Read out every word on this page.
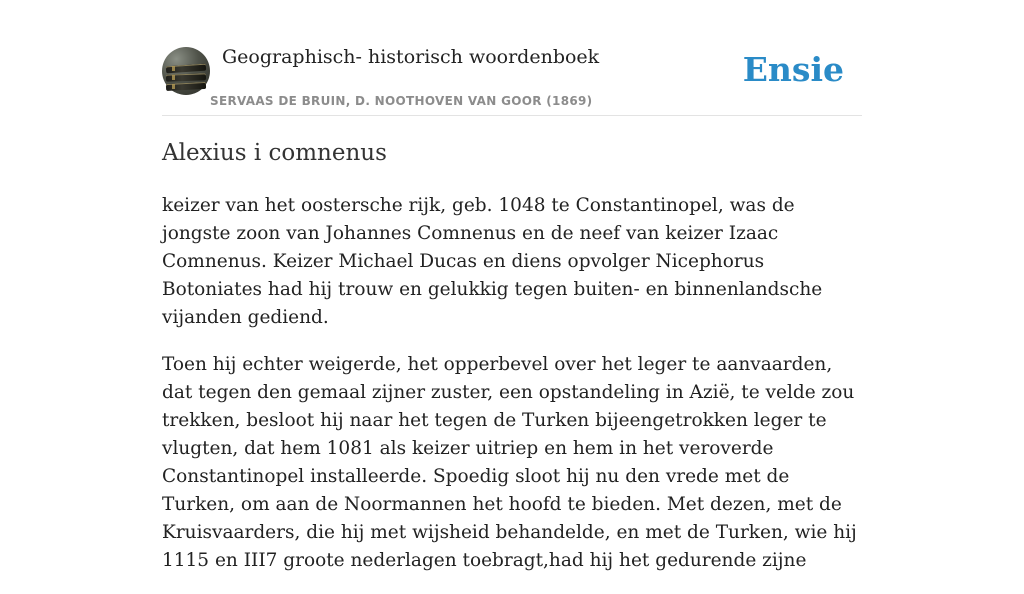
Geographisch- historisch woordenboek
SERVAAS DE BRUIN, D. NOOTHOVEN VAN GOOR (1869)
Ensie
Alexius i comnenus

keizer van het oostersche rijk, geb. 1048 te Constantinopel, was de jongste zoon van Johannes Comnenus en de neef van keizer Izaac Comnenus. Keizer Michael Ducas en diens opvolger Nicephorus Botoniates had hij trouw en gelukkig tegen buiten- en binnenlandsche vijanden gediend.

Toen hij echter weigerde, het opperbevel over het leger te aanvaarden, dat tegen den gemaal zijner zuster, een opstandeling in Azië, te velde zou trekken, besloot hij naar het tegen de Turken bijeengetrokken leger te vlugten, dat hem 1081 als keizer uitriep en hem in het veroverde Constantinopel installeerde. Spoedig sloot hij nu den vrede met de Turken, om aan de Noormannen het hoofd te bieden. Met dezen, met de Kruisvaarders, die hij met wijsheid behandelde, en met de Turken, wie hij 1115 en III7 groote nederlagen toebragt,had hij het gedurende zijne
